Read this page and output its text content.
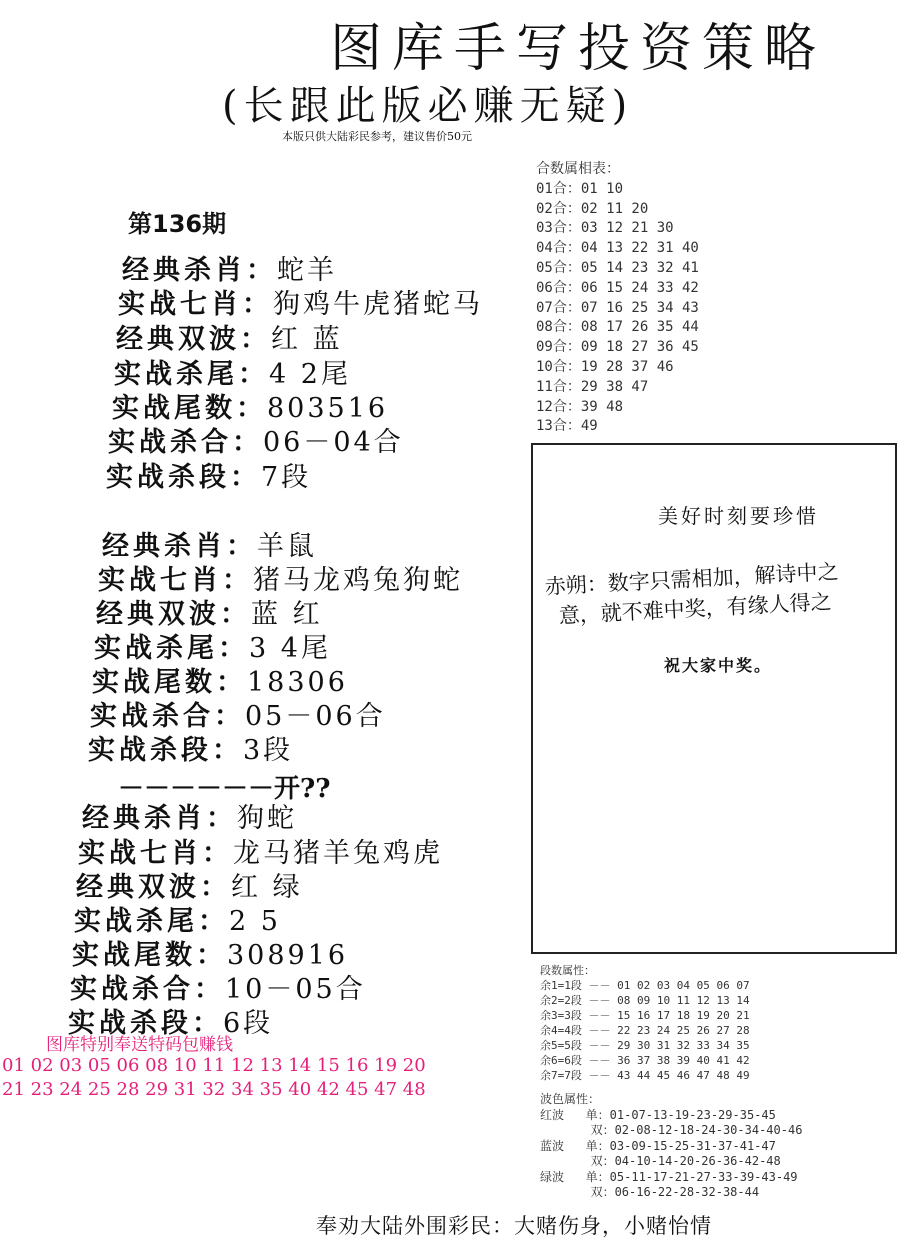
图库手写投资策略
(长跟此版必赚无疑)
本版只供大陆彩民参考，建议售价50元
第136期
经典杀肖：蛇羊
实战七肖：狗鸡牛虎猪蛇马
经典双波：红 蓝
实战杀尾：4 2尾
实战尾数：803516
实战杀合：06－04合
实战杀段：7段
经典杀肖：羊鼠
实战七肖：猪马龙鸡兔狗蛇
经典双波：蓝 红
实战杀尾：3 4尾
实战尾数：18306
实战杀合：05－06合
实战杀段：3段
－－－－－－开??
经典杀肖：狗蛇
实战七肖：龙马猪羊兔鸡虎
经典双波：红 绿
实战杀尾：2 5
实战尾数：308916
实战杀合：10－05合
实战杀段：6段
合数属相表：
01合：01 10
02合：02 11 20
03合：03 12 21 30
04合：04 13 22 31 40
05合：05 14 23 32 41
06合：06 15 24 33 42
07合：07 16 25 34 43
08合：08 17 26 35 44
09合：09 18 27 36 45
10合：19 28 37 46
11合：29 38 47
12合：39 48
13合：49
美好时刻要珍惜
赤朔：数字只需相加，解诗中之
意，就不难中奖，有缘人得之
祝大家中奖。
图库特别奉送特码包赚钱
01 02 03 05 06 08 10 11 12 13 14 15 16 19 20
21 23 24 25 28 29 31 32 34 35 40 42 45 47 48
段数属性：
余1=1段 －－ 01 02 03 04 05 06 07
余2=2段 －－ 08 09 10 11 12 13 14
余3=3段 －－ 15 16 17 18 19 20 21
余4=4段 －－ 22 23 24 25 26 27 28
余5=5段 －－ 29 30 31 32 33 34 35
余6=6段 －－ 36 37 38 39 40 41 42
余7=7段 －－ 43 44 45 46 47 48 49
波色属性：
红波   单：01-07-13-19-23-29-35-45
双：02-08-12-18-24-30-34-40-46
蓝波   单：03-09-15-25-31-37-41-47
双：04-10-14-20-26-36-42-48
绿波   单：05-11-17-21-27-33-39-43-49
双：06-16-22-28-32-38-44
奉劝大陆外围彩民：大赌伤身，小赌怡情
